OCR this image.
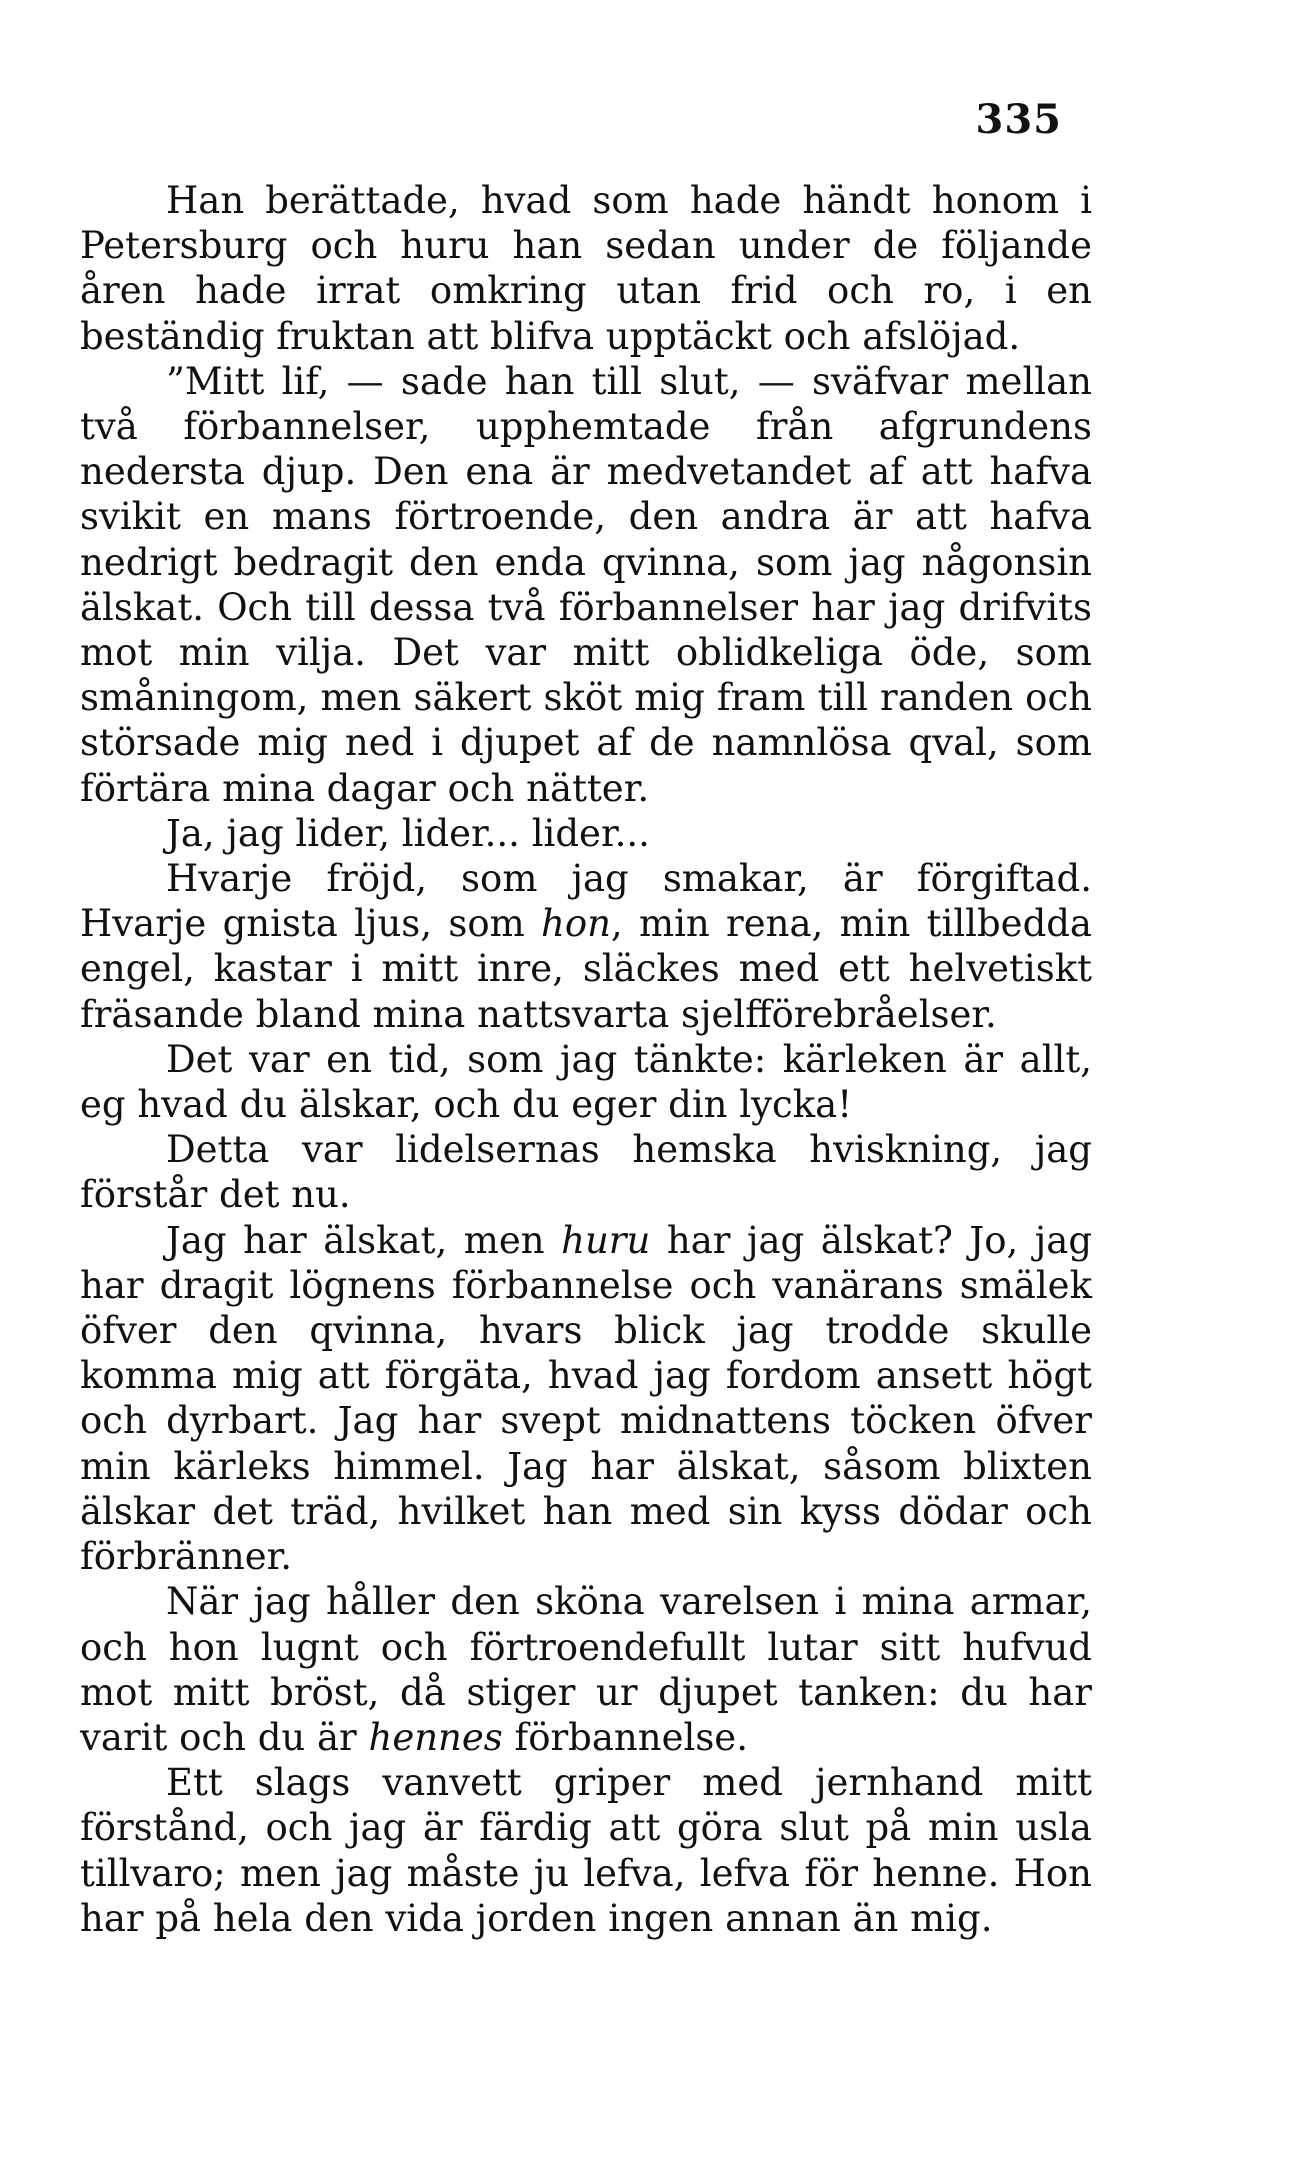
335

Han berättade, hvad som hade händt honom i Petersburg och huru han sedan under de följande åren hade irrat omkring utan frid och ro, i en beständig fruktan att blifva upptäckt och afslöjad.

”Mitt lif, — sade han till slut, — sväfvar mellan två förbannelser, upphemtade från afgrundens nedersta djup. Den ena är medvetandet af att hafva svikit en mans förtroende, den andra är att hafva nedrigt bedragit den enda qvinna, som jag någonsin älskat. Och till dessa två förbannelser har jag drifvits mot min vilja. Det var mitt oblidkeliga öde, som småningom, men säkert sköt mig fram till randen och störsade mig ned i djupet af de namnlösa qval, som förtära mina dagar och nätter.

Ja, jag lider, lider... lider...

Hvarje fröjd, som jag smakar, är förgiftad. Hvarje gnista ljus, som hon, min rena, min tillbedda engel, kastar i mitt inre, släckes med ett helvetiskt fräsande bland mina nattsvarta sjelfförebråelser.

Det var en tid, som jag tänkte: kärleken är allt, eg hvad du älskar, och du eger din lycka!

Detta var lidelsernas hemska hviskning, jag förstår det nu.

Jag har älskat, men huru har jag älskat? Jo, jag har dragit lögnens förbannelse och vanärans smälek öfver den qvinna, hvars blick jag trodde skulle komma mig att förgäta, hvad jag fordom ansett högt och dyrbart. Jag har svept midnattens töcken öfver min kärleks himmel. Jag har älskat, såsom blixten älskar det träd, hvilket han med sin kyss dödar och förbränner.

När jag håller den sköna varelsen i mina armar, och hon lugnt och förtroendefullt lutar sitt hufvud mot mitt bröst, då stiger ur djupet tanken: du har varit och du är hennes förbannelse.

Ett slags vanvett griper med jernhand mitt förstånd, och jag är färdig att göra slut på min usla tillvaro; men jag måste ju lefva, lefva för henne. Hon har på hela den vida jorden ingen annan än mig.
